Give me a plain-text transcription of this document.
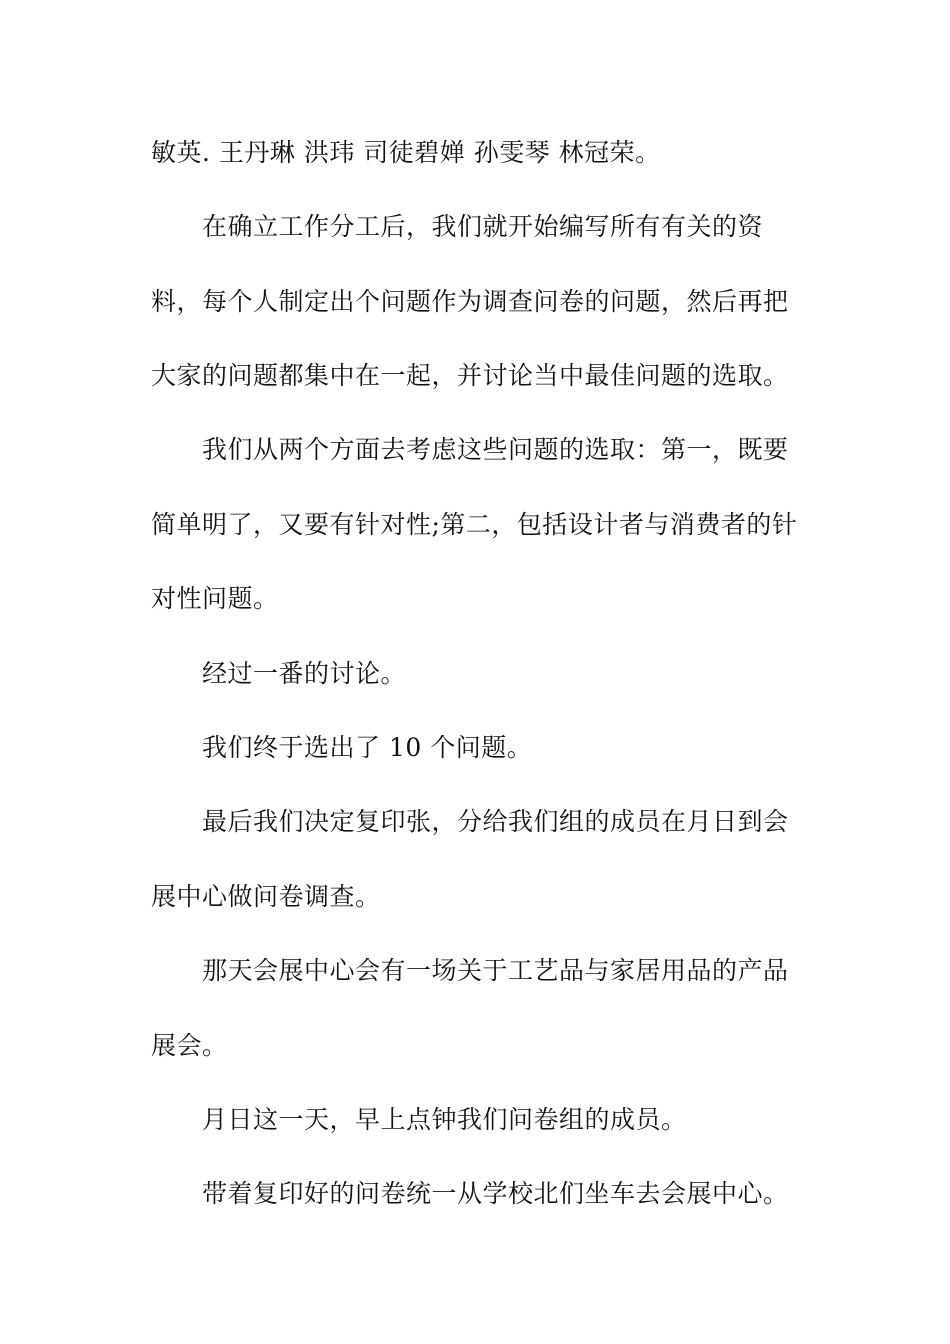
敏英. 王丹琳 洪玮 司徒碧婵 孙雯琴 林冠荣。
在确立工作分工后，我们就开始编写所有有关的资
料，每个人制定出个问题作为调查问卷的问题，然后再把
大家的问题都集中在一起，并讨论当中最佳问题的选取。
我们从两个方面去考虑这些问题的选取：第一，既要
简单明了，又要有针对性;第二，包括设计者与消费者的针
对性问题。
经过一番的讨论。
我们终于选出了 10 个问题。
最后我们决定复印张，分给我们组的成员在月日到会
展中心做问卷调查。
那天会展中心会有一场关于工艺品与家居用品的产品
展会。
月日这一天，早上点钟我们问卷组的成员。
带着复印好的问卷统一从学校北们坐车去会展中心。
